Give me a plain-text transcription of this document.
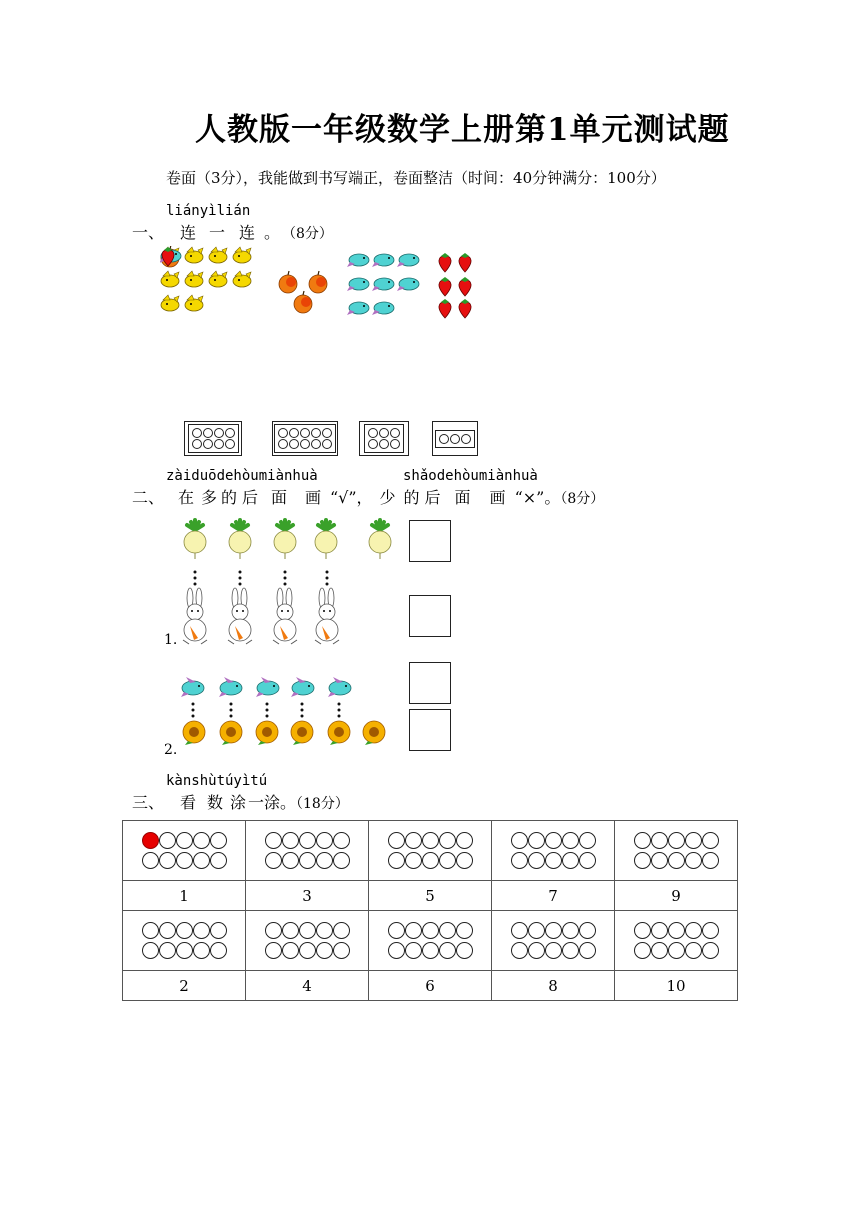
人教版一年级数学上册第1单元测试题
卷面（3分），我能做到书写端正，卷面整洁（时间：40分钟满分：100分）
liányìlián
一、 连 一 连 。 （8分）
zàiduōdehòumiànhuà	shǎodehòumiànhuà
二、 在 多 的 后 面 画 “√”， 少 的 后 面 画 “×”。（8分）
1.
2.
kànshùtúyìtú
三、 看 数 涂 一涂。（18分）

1	3	5	7	9

2	4	6	8	10
